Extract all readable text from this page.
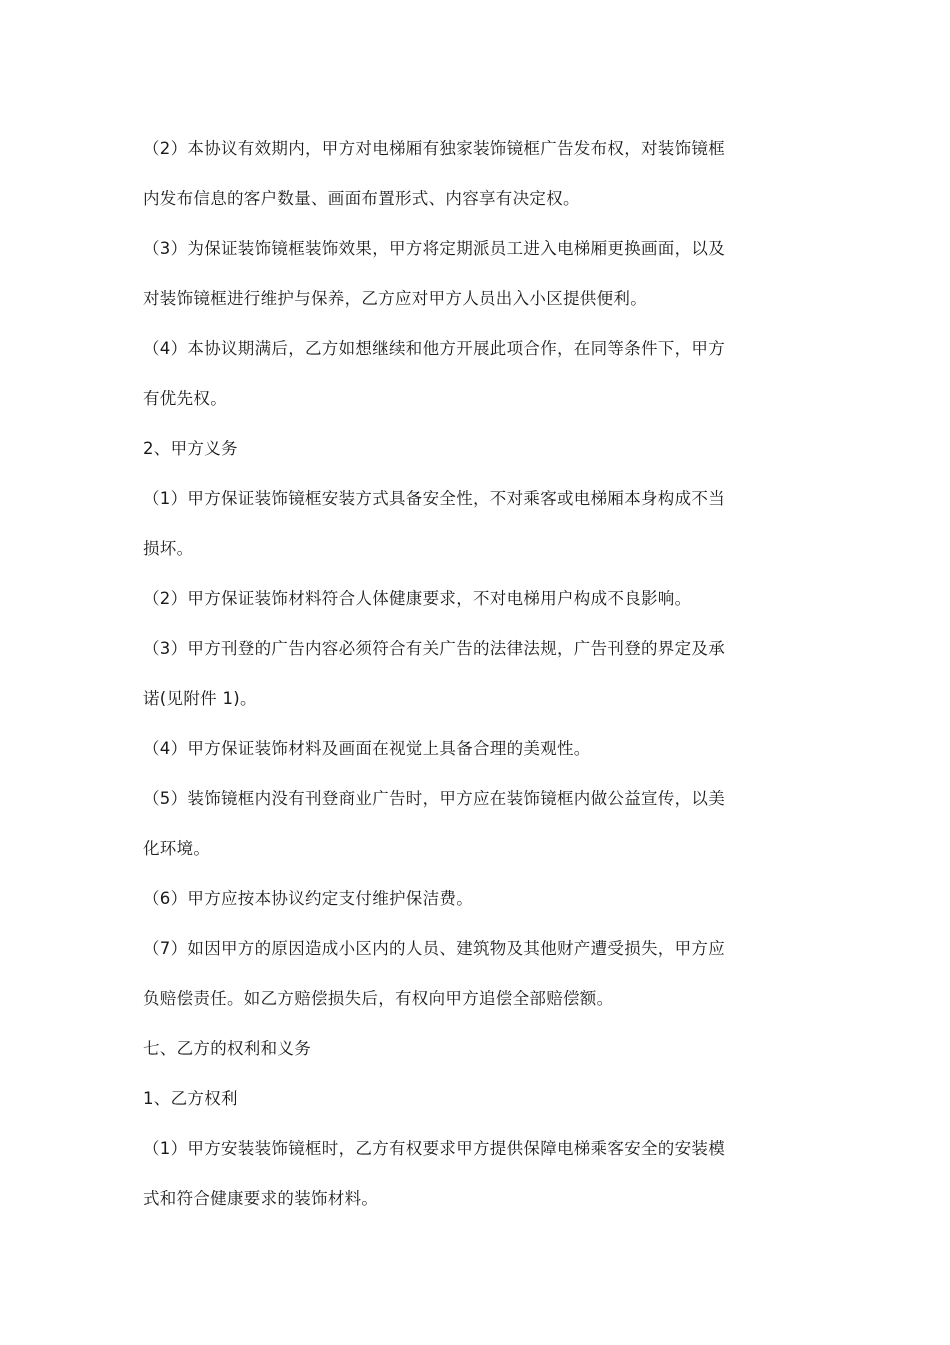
（2）本协议有效期内，甲方对电梯厢有独家装饰镜框广告发布权，对装饰镜框
内发布信息的客户数量、画面布置形式、内容享有决定权。

（3）为保证装饰镜框装饰效果，甲方将定期派员工进入电梯厢更换画面，以及
对装饰镜框进行维护与保养，乙方应对甲方人员出入小区提供便利。

（4）本协议期满后，乙方如想继续和他方开展此项合作，在同等条件下，甲方
有优先权。

2、甲方义务

（1）甲方保证装饰镜框安装方式具备安全性，不对乘客或电梯厢本身构成不当
损坏。

（2）甲方保证装饰材料符合人体健康要求，不对电梯用户构成不良影响。

（3）甲方刊登的广告内容必须符合有关广告的法律法规，广告刊登的界定及承
诺(见附件 1)。

（4）甲方保证装饰材料及画面在视觉上具备合理的美观性。

（5）装饰镜框内没有刊登商业广告时，甲方应在装饰镜框内做公益宣传，以美
化环境。

（6）甲方应按本协议约定支付维护保洁费。

（7）如因甲方的原因造成小区内的人员、建筑物及其他财产遭受损失，甲方应
负赔偿责任。如乙方赔偿损失后，有权向甲方追偿全部赔偿额。

七、乙方的权利和义务

1、乙方权利

（1）甲方安装装饰镜框时，乙方有权要求甲方提供保障电梯乘客安全的安装模
式和符合健康要求的装饰材料。
